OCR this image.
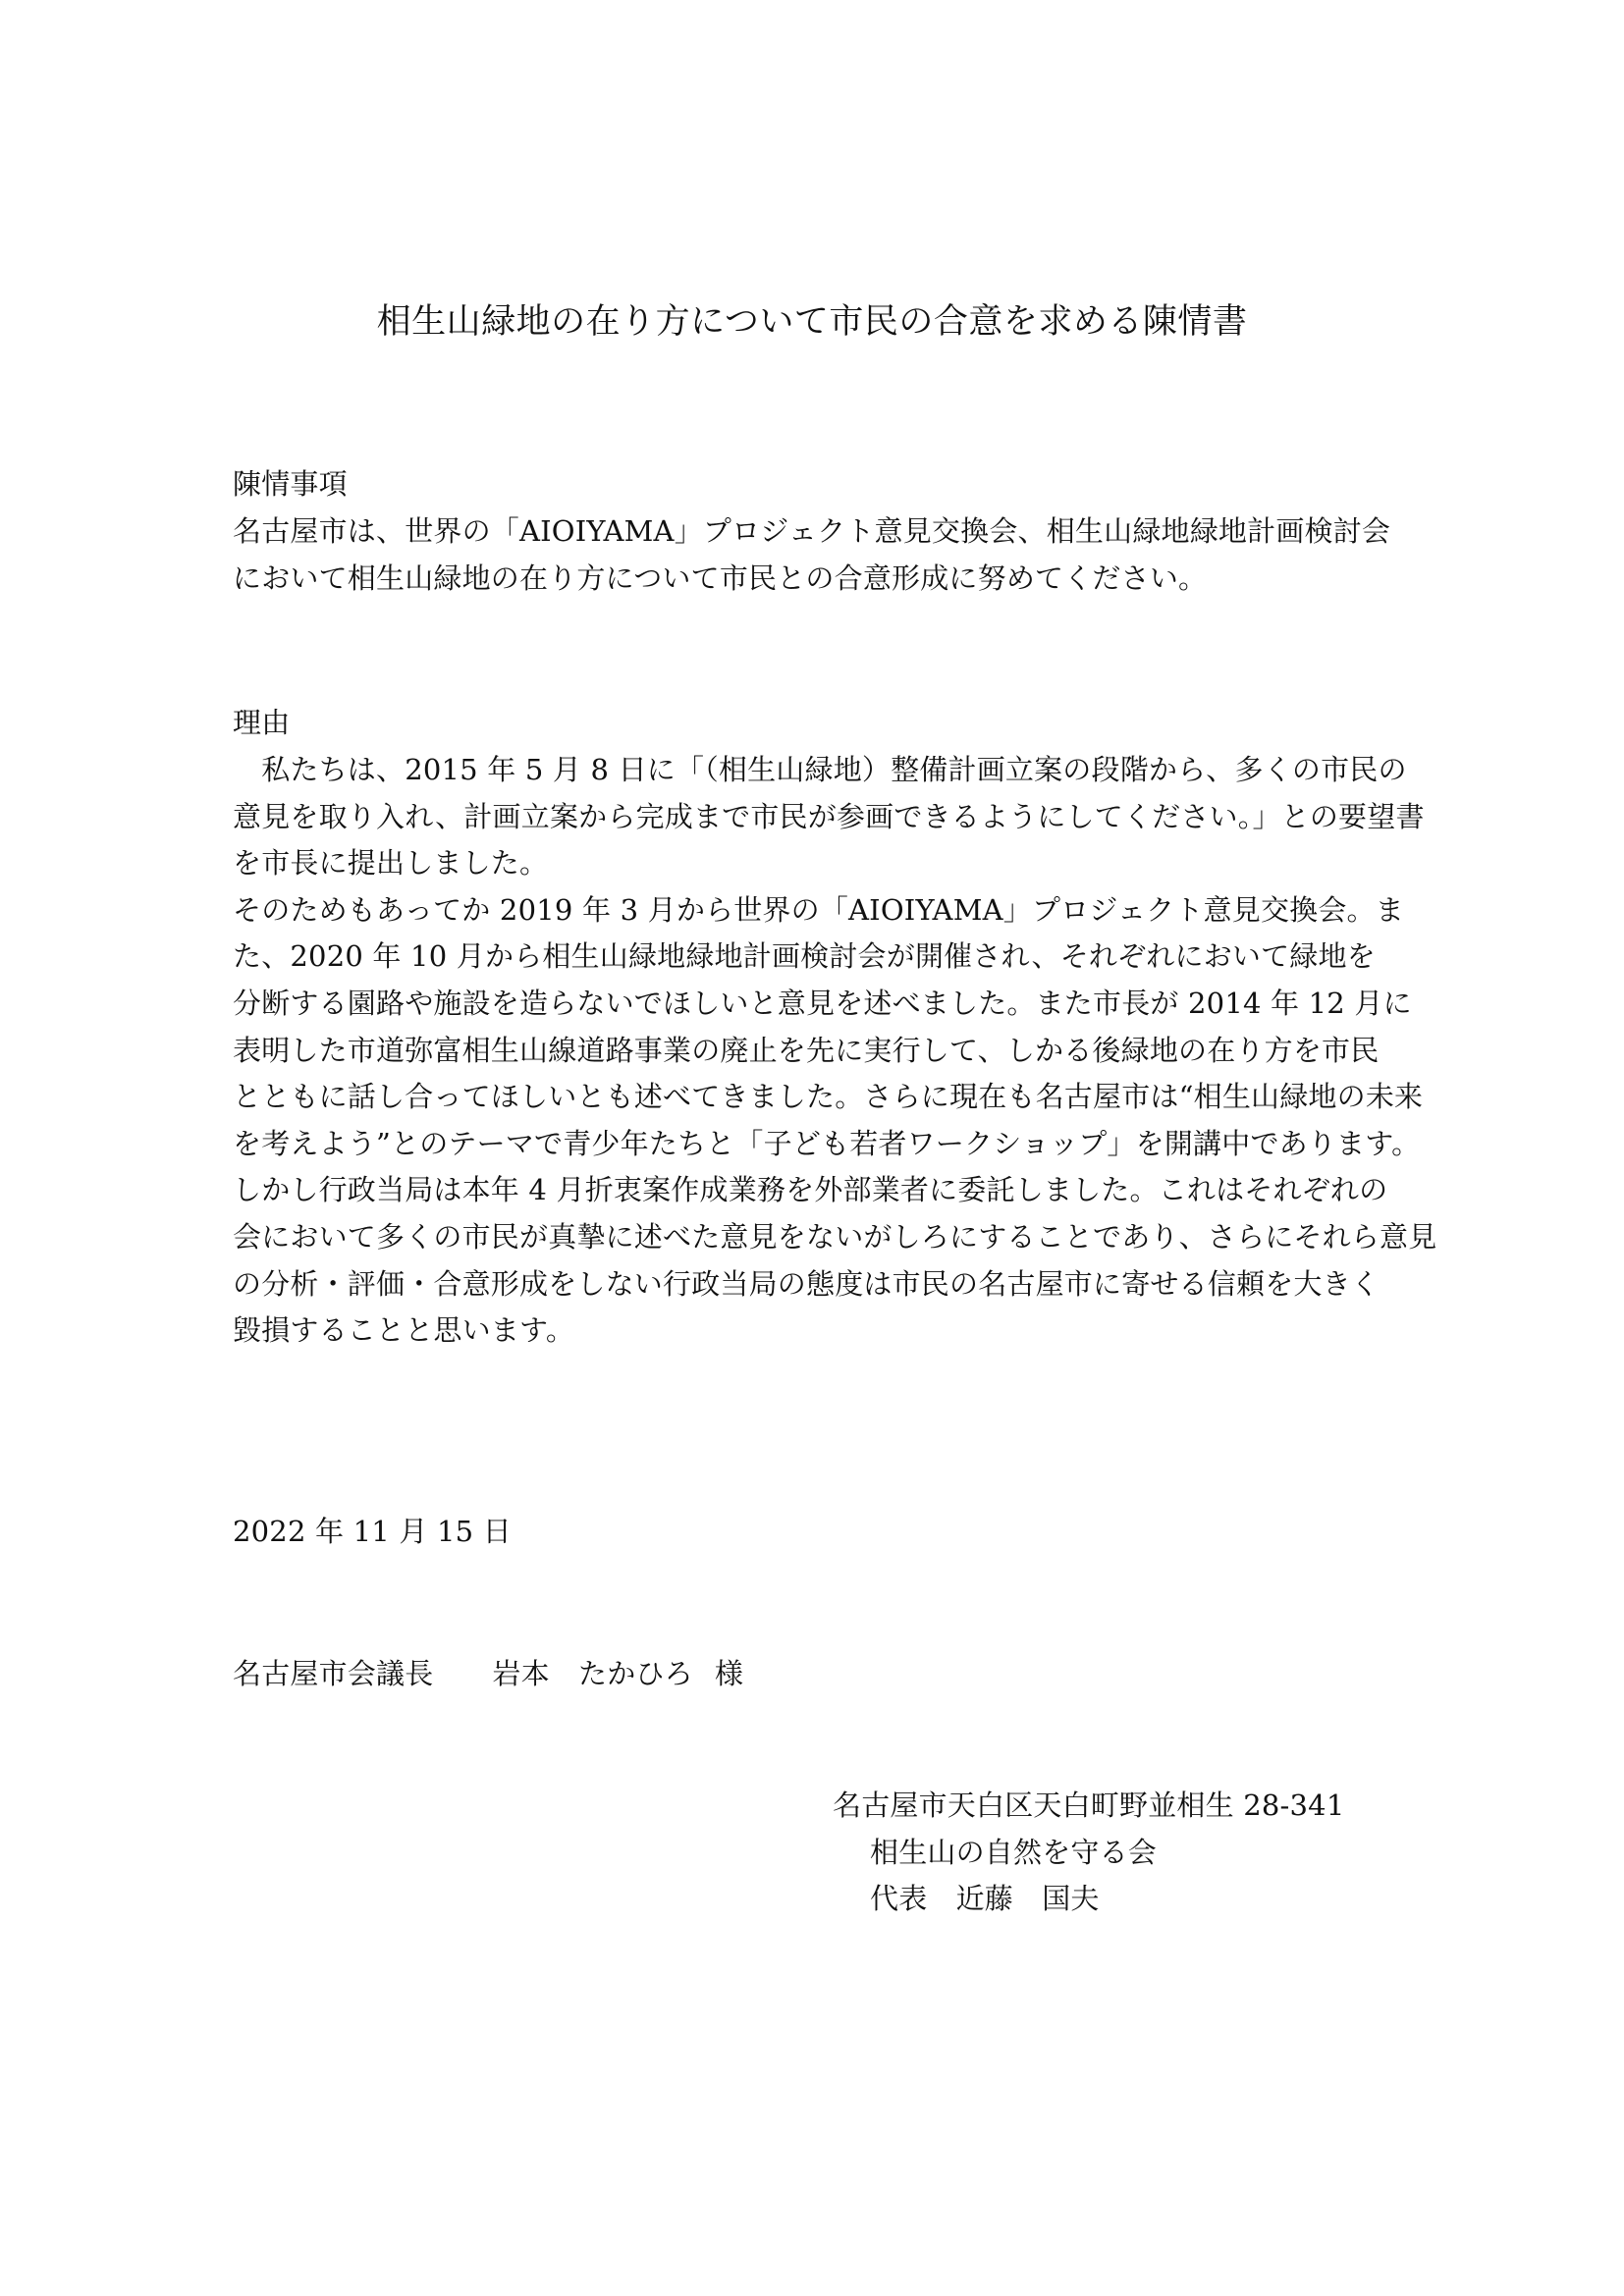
相生山緑地の在り方について市民の合意を求める陳情書
陳情事項
名古屋市は、世界の「AIOIYAMA」プロジェクト意見交換会、相生山緑地緑地計画検討会
において相生山緑地の在り方について市民との合意形成に努めてください。
理由
　私たちは、2015 年 5 月 8 日に「（相生山緑地）整備計画立案の段階から、多くの市民の
意見を取り入れ、計画立案から完成まで市民が参画できるようにしてください。」との要望書
を市長に提出しました。
そのためもあってか 2019 年 3 月から世界の「AIOIYAMA」プロジェクト意見交換会。ま
た、2020 年 10 月から相生山緑地緑地計画検討会が開催され、それぞれにおいて緑地を
分断する園路や施設を造らないでほしいと意見を述べました。また市長が 2014 年 12 月に
表明した市道弥富相生山線道路事業の廃止を先に実行して、しかる後緑地の在り方を市民
とともに話し合ってほしいとも述べてきました。さらに現在も名古屋市は“相生山緑地の未来
を考えよう”とのテーマで青少年たちと「子ども若者ワークショップ」を開講中であります。
しかし行政当局は本年 4 月折衷案作成業務を外部業者に委託しました。これはそれぞれの
会において多くの市民が真摯に述べた意見をないがしろにすることであり、さらにそれら意見
の分析・評価・合意形成をしない行政当局の態度は市民の名古屋市に寄せる信頼を大きく
毀損することと思います。
2022 年 11 月 15 日
名古屋市会議長 岩本　たかひろ 様
名古屋市天白区天白町野並相生 28-341
相生山の自然を守る会
代表　近藤　国夫
